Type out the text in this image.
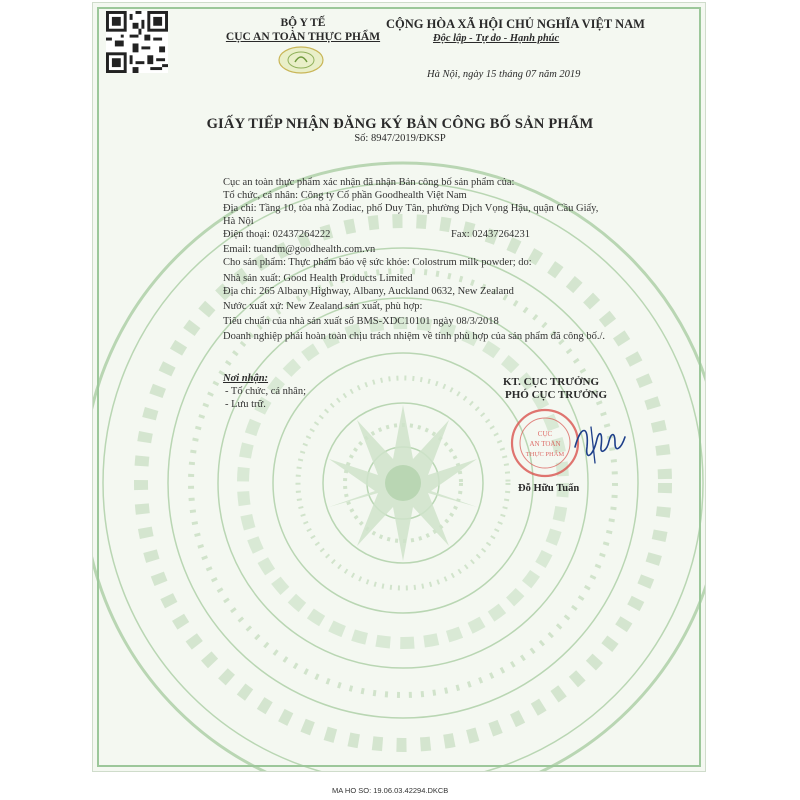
BỘ Y TẾ
CỤC AN TOÀN THỰC PHẨM
CỘNG HÒA XÃ HỘI CHỦ NGHĨA VIỆT NAM
Độc lập - Tự do - Hạnh phúc
Hà Nội, ngày 15 tháng 07 năm 2019
GIẤY TIẾP NHẬN ĐĂNG KÝ BẢN CÔNG BỐ SẢN PHẨM
Số: 8947/2019/ĐKSP
Cục an toàn thực phẩm xác nhận đã nhận Bản công bố sản phẩm của:
Tổ chức, cá nhân: Công ty Cổ phần Goodhealth Việt Nam
Địa chỉ: Tầng 10, tòa nhà Zodiac, phố Duy Tân, phường Dịch Vọng Hậu, quận Cầu Giấy,
Hà Nội
Điện thoại: 02437264222	Fax: 02437264231
Email: tuandm@goodhealth.com.vn
Cho sản phẩm: Thực phẩm bảo vệ sức khỏe: Colostrum milk powder; do:
Nhà sản xuất: Good Health Products Limited
Địa chỉ: 265 Albany Highway, Albany, Auckland 0632, New Zealand
Nước xuất xứ: New Zealand sản xuất, phù hợp:
Tiêu chuẩn của nhà sản xuất số BMS-XDC10101 ngày 08/3/2018
Doanh nghiệp phải hoàn toàn chịu trách nhiệm về tính phù hợp của sản phẩm đã công bố./.
Nơi nhận:
- Tổ chức, cá nhân;
- Lưu trữ.
KT. CỤC TRƯỞNG
PHÓ CỤC TRƯỞNG
CỤC
AN TOÀN
THỰC PHẨM
Đỗ Hữu Tuấn
MA HO SO: 19.06.03.42294.DKCB
